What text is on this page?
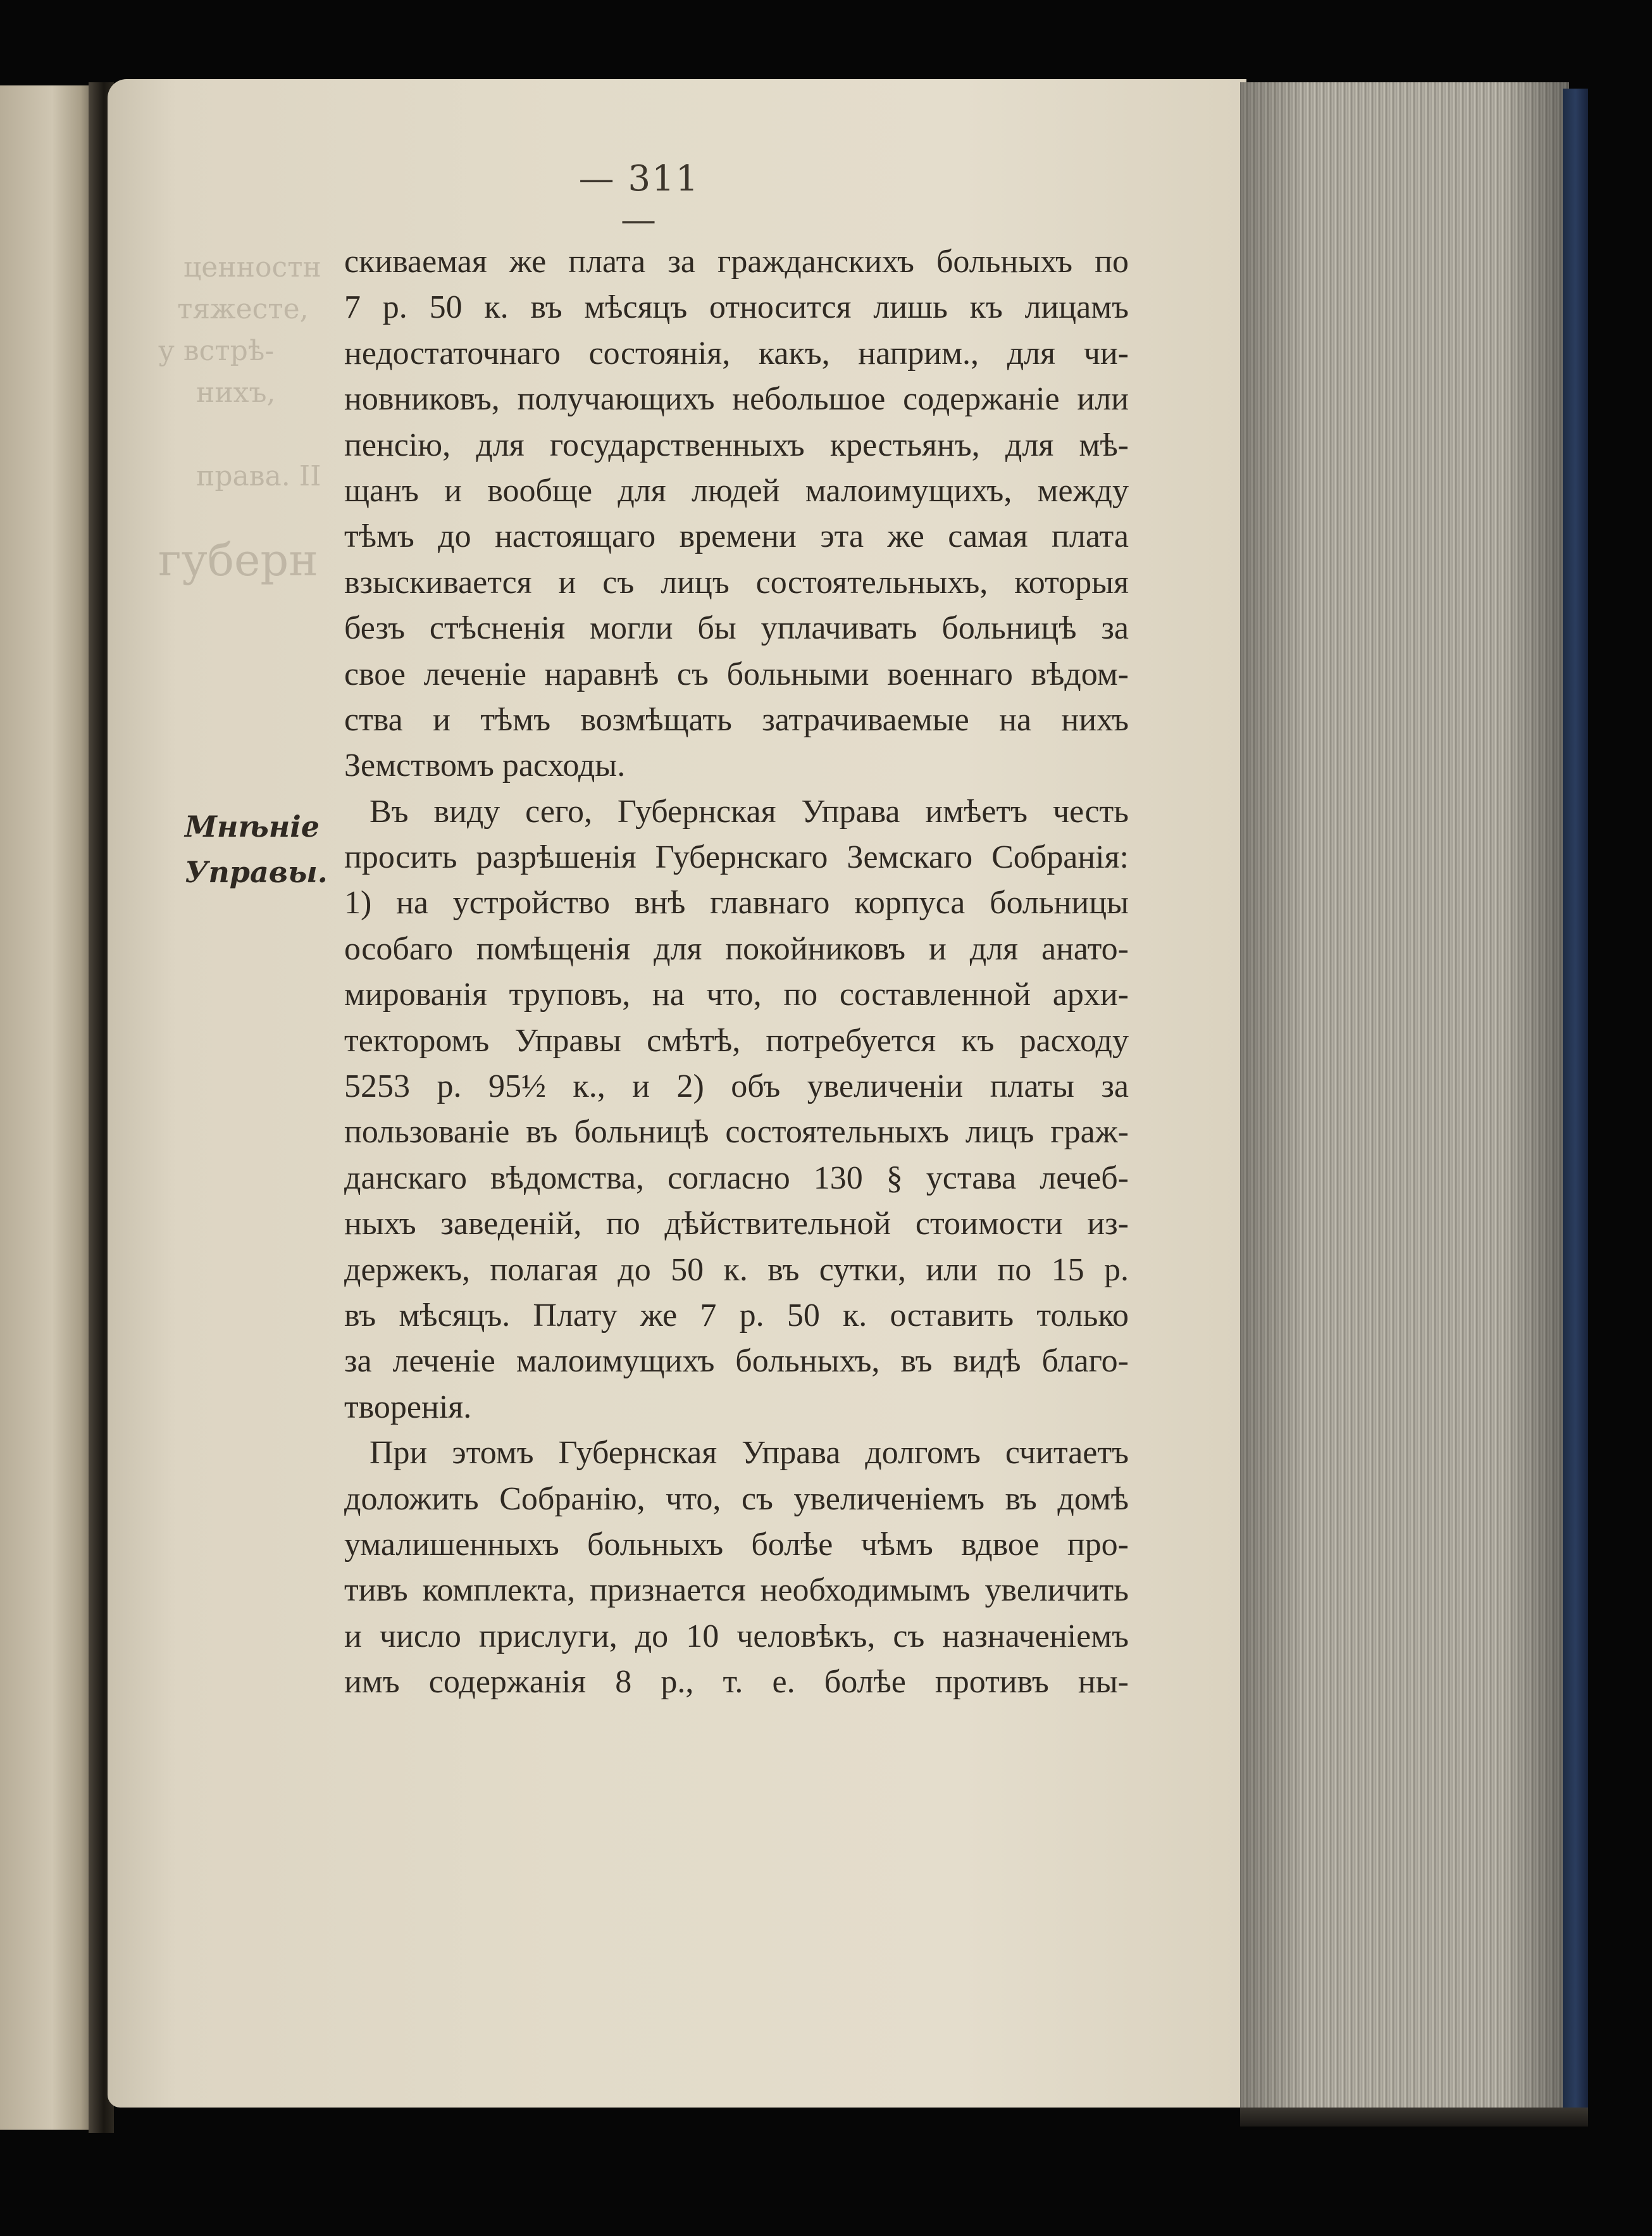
ценностн
тяжесте,
у встрѣ-
нихъ,

права. II

губерн
— 311 —
Мнѣніе
Управы.
скиваемая же плата за гражданскихъ больныхъ по
7 р. 50 к. въ мѣсяцъ относится лишь къ лицамъ
недостаточнаго состоянія, какъ, наприм., для чи-
новниковъ, получающихъ небольшое содержаніе или
пенсію, для государственныхъ крестьянъ, для мѣ-
щанъ и вообще для людей малоимущихъ, между
тѣмъ до настоящаго времени эта же самая плата
взыскивается и съ лицъ состоятельныхъ, которыя
безъ стѣсненія могли бы уплачивать больницѣ за
свое леченіе наравнѣ съ больными военнаго вѣдом-
ства и тѣмъ возмѣщать затрачиваемые на нихъ
Земствомъ расходы.
Въ виду сего, Губернская Управа имѣетъ честь
просить разрѣшенія Губернскаго Земскаго Собранія:
1) на устройство внѣ главнаго корпуса больницы
особаго помѣщенія для покойниковъ и для анато-
мированія труповъ, на что, по составленной архи-
текторомъ Управы смѣтѣ, потребуется къ расходу
5253 р. 95½ к., и 2) объ увеличеніи платы за
пользованіе въ больницѣ состоятельныхъ лицъ граж-
данскаго вѣдомства, согласно 130 § устава лечеб-
ныхъ заведеній, по дѣйствительной стоимости из-
держекъ, полагая до 50 к. въ сутки, или по 15 р.
въ мѣсяцъ. Плату же 7 р. 50 к. оставить только
за леченіе малоимущихъ больныхъ, въ видѣ благо-
творенія.
При этомъ Губернская Управа долгомъ считаетъ
доложить Собранію, что, съ увеличеніемъ въ домѣ
умалишенныхъ больныхъ болѣе чѣмъ вдвое про-
тивъ комплекта, признается необходимымъ увеличить
и число прислуги, до 10 человѣкъ, съ назначеніемъ
имъ содержанія 8 р., т. е. болѣе противъ ны-
